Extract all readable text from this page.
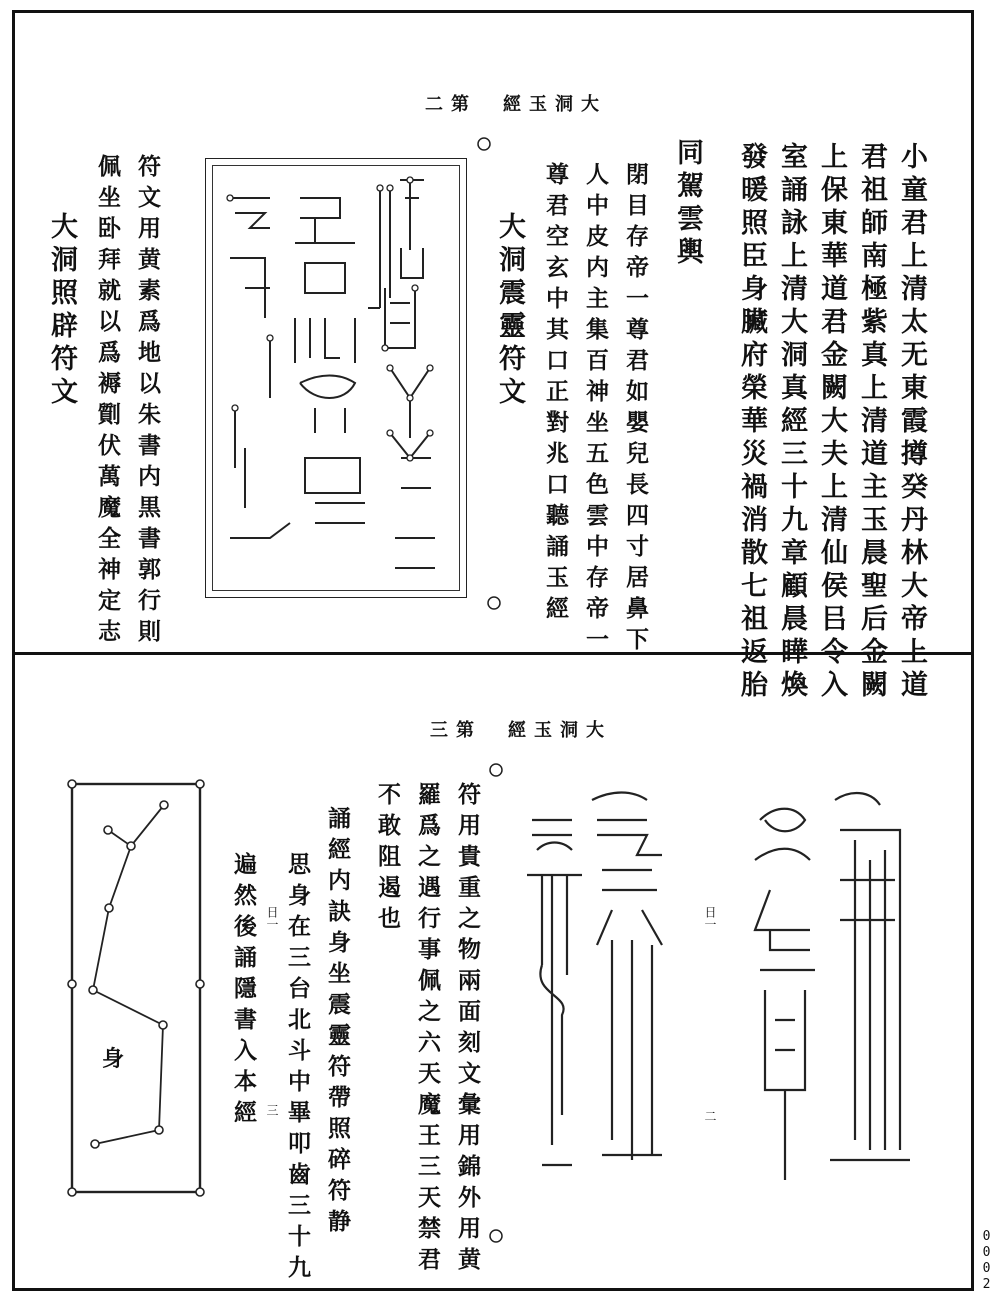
二第　經玉洞大
小童君上清太无東霞撙癸丹林大帝上道
君祖師南極紫真上清道主玉晨聖后金闕
上保東華道君金闕大夫上清仙侯㠯令入
室誦詠上清大洞真經三十九章顧晨瞱煥
發暖照臣身臟府榮華災禍消散七祖返胎
同駕雲輿
閉目存帝一尊君如嬰兒長四寸居鼻下
人中皮内主集百神坐五色雲中存帝一
尊君空玄中其口正對兆口聽誦玉經
大洞震靈符文
符文用黄素爲地以朱書内黒書郭行則
佩坐卧拜就以爲褥劕伏萬魔全神定志
大洞照辟符文
三第　經玉洞大
符用貴重之物兩面刻文彙用錦外用黄
羅爲之遇行事佩之六天魔王三天禁君
不敢阻遏也
誦經内訣身坐震靈符帶照碎符静
思身在三台北斗中畢叩齒三十九
遍然後誦隱書入本經	日一
二
日一
三
身
0002
